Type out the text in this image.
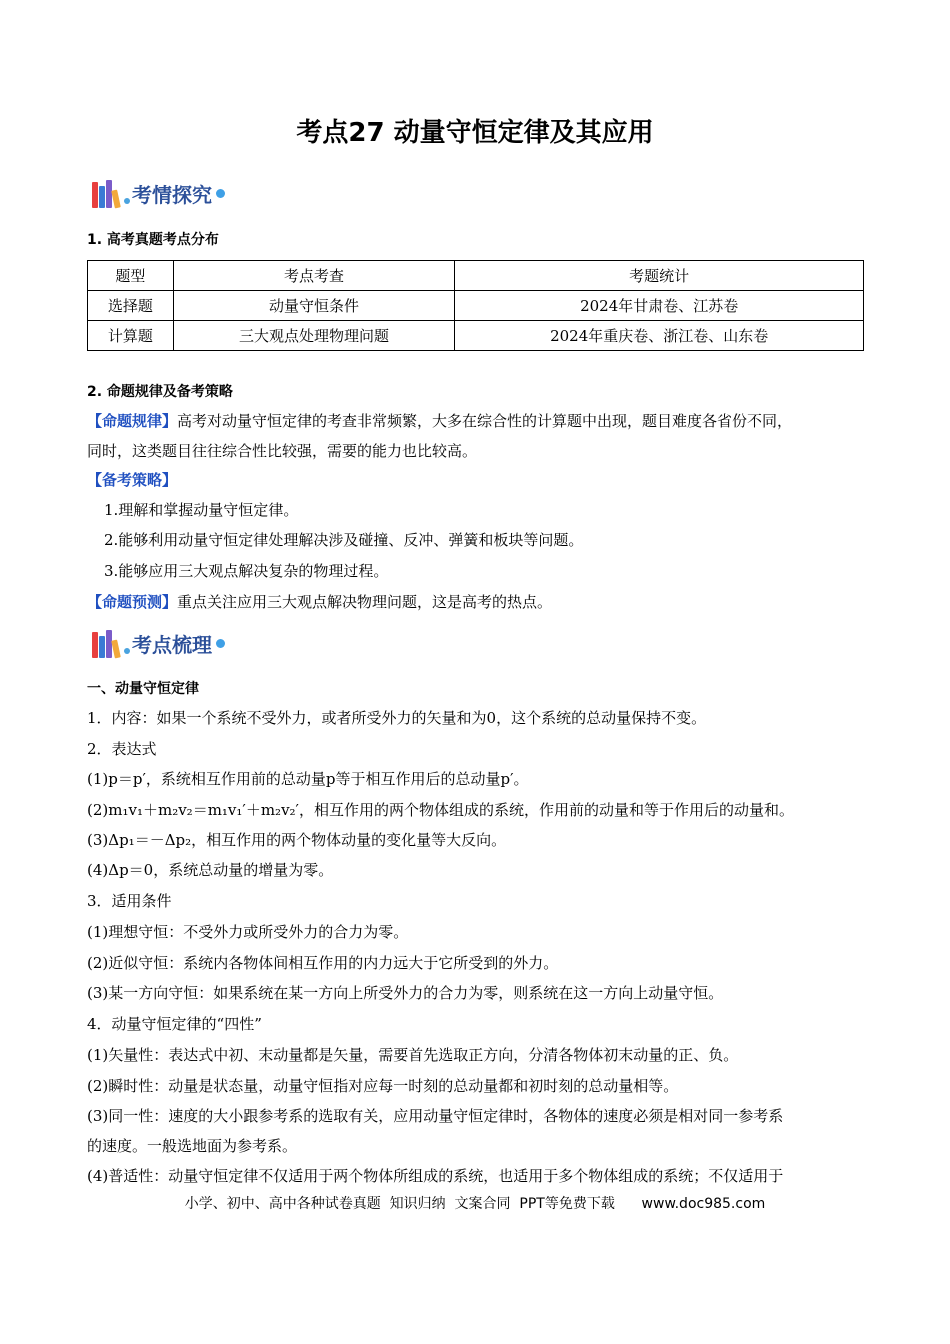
考点27 动量守恒定律及其应用
考情探究
1. 高考真题考点分布
题型	考点考查	考题统计
选择题	动量守恒条件	2024年甘肃卷、江苏卷
计算题	三大观点处理物理问题	2024年重庆卷、浙江卷、山东卷
2. 命题规律及备考策略
【命题规律】高考对动量守恒定律的考查非常频繁，大多在综合性的计算题中出现，题目难度各省份不同，
同时，这类题目往往综合性比较强，需要的能力也比较高。
【备考策略】
1.理解和掌握动量守恒定律。
2.能够利用动量守恒定律处理解决涉及碰撞、反冲、弹簧和板块等问题。
3.能够应用三大观点解决复杂的物理过程。
【命题预测】重点关注应用三大观点解决物理问题，这是高考的热点。
考点梳理
一、动量守恒定律
1．内容：如果一个系统不受外力，或者所受外力的矢量和为0，这个系统的总动量保持不变。
2．表达式
(1)p＝p′，系统相互作用前的总动量p等于相互作用后的总动量p′。
(2)m₁v₁＋m₂v₂＝m₁v₁′＋m₂v₂′，相互作用的两个物体组成的系统，作用前的动量和等于作用后的动量和。
(3)Δp₁＝－Δp₂，相互作用的两个物体动量的变化量等大反向。
(4)Δp＝0，系统总动量的增量为零。
3．适用条件
(1)理想守恒：不受外力或所受外力的合力为零。
(2)近似守恒：系统内各物体间相互作用的内力远大于它所受到的外力。
(3)某一方向守恒：如果系统在某一方向上所受外力的合力为零，则系统在这一方向上动量守恒。
4．动量守恒定律的“四性”
(1)矢量性：表达式中初、末动量都是矢量，需要首先选取正方向，分清各物体初末动量的正、负。
(2)瞬时性：动量是状态量，动量守恒指对应每一时刻的总动量都和初时刻的总动量相等。
(3)同一性：速度的大小跟参考系的选取有关，应用动量守恒定律时，各物体的速度必须是相对同一参考系
的速度。一般选地面为参考系。
(4)普适性：动量守恒定律不仅适用于两个物体所组成的系统，也适用于多个物体组成的系统；不仅适用于
小学、初中、高中各种试卷真题  知识归纳  文案合同  PPT等免费下载      www.doc985.com
